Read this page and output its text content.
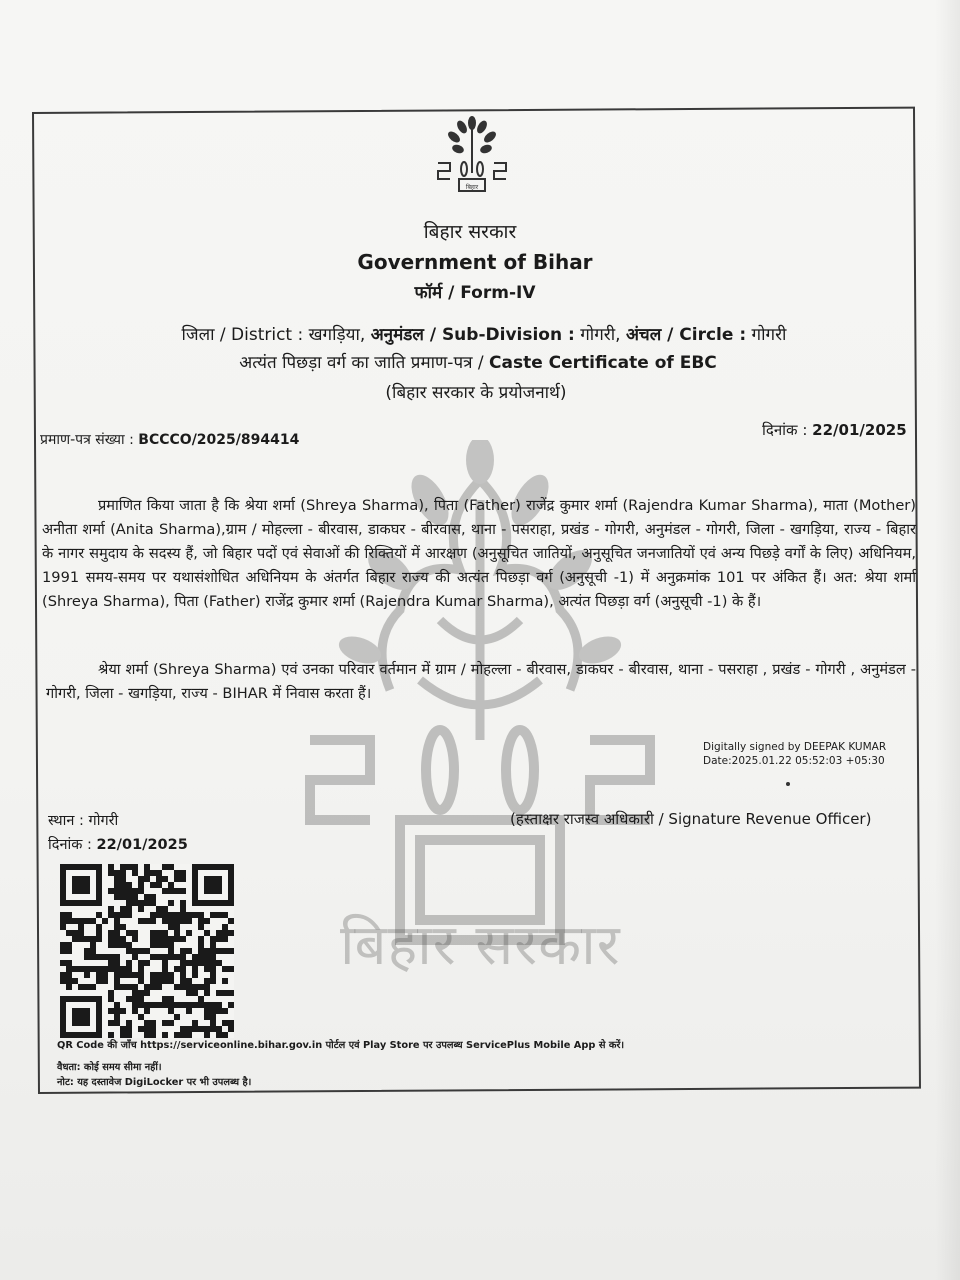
बिहार सरकार
बिहार
बिहार सरकार
Government of Bihar
फॉर्म / Form-IV
जिला / District : खगड़िया, अनुमंडल / Sub-Division : गोगरी, अंचल / Circle : गोगरी
अत्यंत पिछड़ा वर्ग का जाति प्रमाण-पत्र / Caste Certificate of EBC
(बिहार सरकार के प्रयोजनार्थ)
प्रमाण-पत्र संख्या : BCCCO/2025/894414
दिनांक : 22/01/2025
प्रमाणित किया जाता है कि श्रेया शर्मा (Shreya Sharma), पिता (Father) राजेंद्र कुमार शर्मा (Rajendra Kumar Sharma), माता (Mother) अनीता शर्मा (Anita Sharma),ग्राम / मोहल्ला - बीरवास, डाकघर - बीरवास, थाना - पसराहा, प्रखंड - गोगरी, अनुमंडल - गोगरी, जिला - खगड़िया, राज्य - बिहार के नागर समुदाय के सदस्य हैं, जो बिहार पदों एवं सेवाओं की रिक्तियों में आरक्षण (अनुसूचित जातियों, अनुसूचित जनजातियों एवं अन्य पिछड़े वर्गों के लिए) अधिनियम, 1991 समय-समय पर यथासंशोधित अधिनियम के अंतर्गत बिहार राज्य की अत्यंत पिछड़ा वर्ग (अनुसूची -1) में अनुक्रमांक 101 पर अंकित हैं। अत: श्रेया शर्मा (Shreya Sharma), पिता (Father) राजेंद्र कुमार शर्मा (Rajendra Kumar Sharma), अत्यंत पिछड़ा वर्ग (अनुसूची -1) के हैं।
श्रेया शर्मा (Shreya Sharma) एवं उनका परिवार वर्तमान में ग्राम / मोहल्ला - बीरवास, डाकघर - बीरवास, थाना - पसराहा , प्रखंड - गोगरी , अनुमंडल - गोगरी, जिला - खगड़िया, राज्य - BIHAR में निवास करता हैं।
Digitally signed by DEEPAK KUMAR
Date:2025.01.22 05:52:03 +05:30
स्थान : गोगरी
दिनांक : 22/01/2025
(हस्ताक्षर राजस्व अधिकारी / Signature Revenue Officer)
QR Code की जाँच https://serviceonline.bihar.gov.in पोर्टल एवं Play Store पर उपलब्ध ServicePlus Mobile App से करें।
वैधता: कोई समय सीमा नहीं।
नोट: यह दस्तावेज DigiLocker पर भी उपलब्ध है।
